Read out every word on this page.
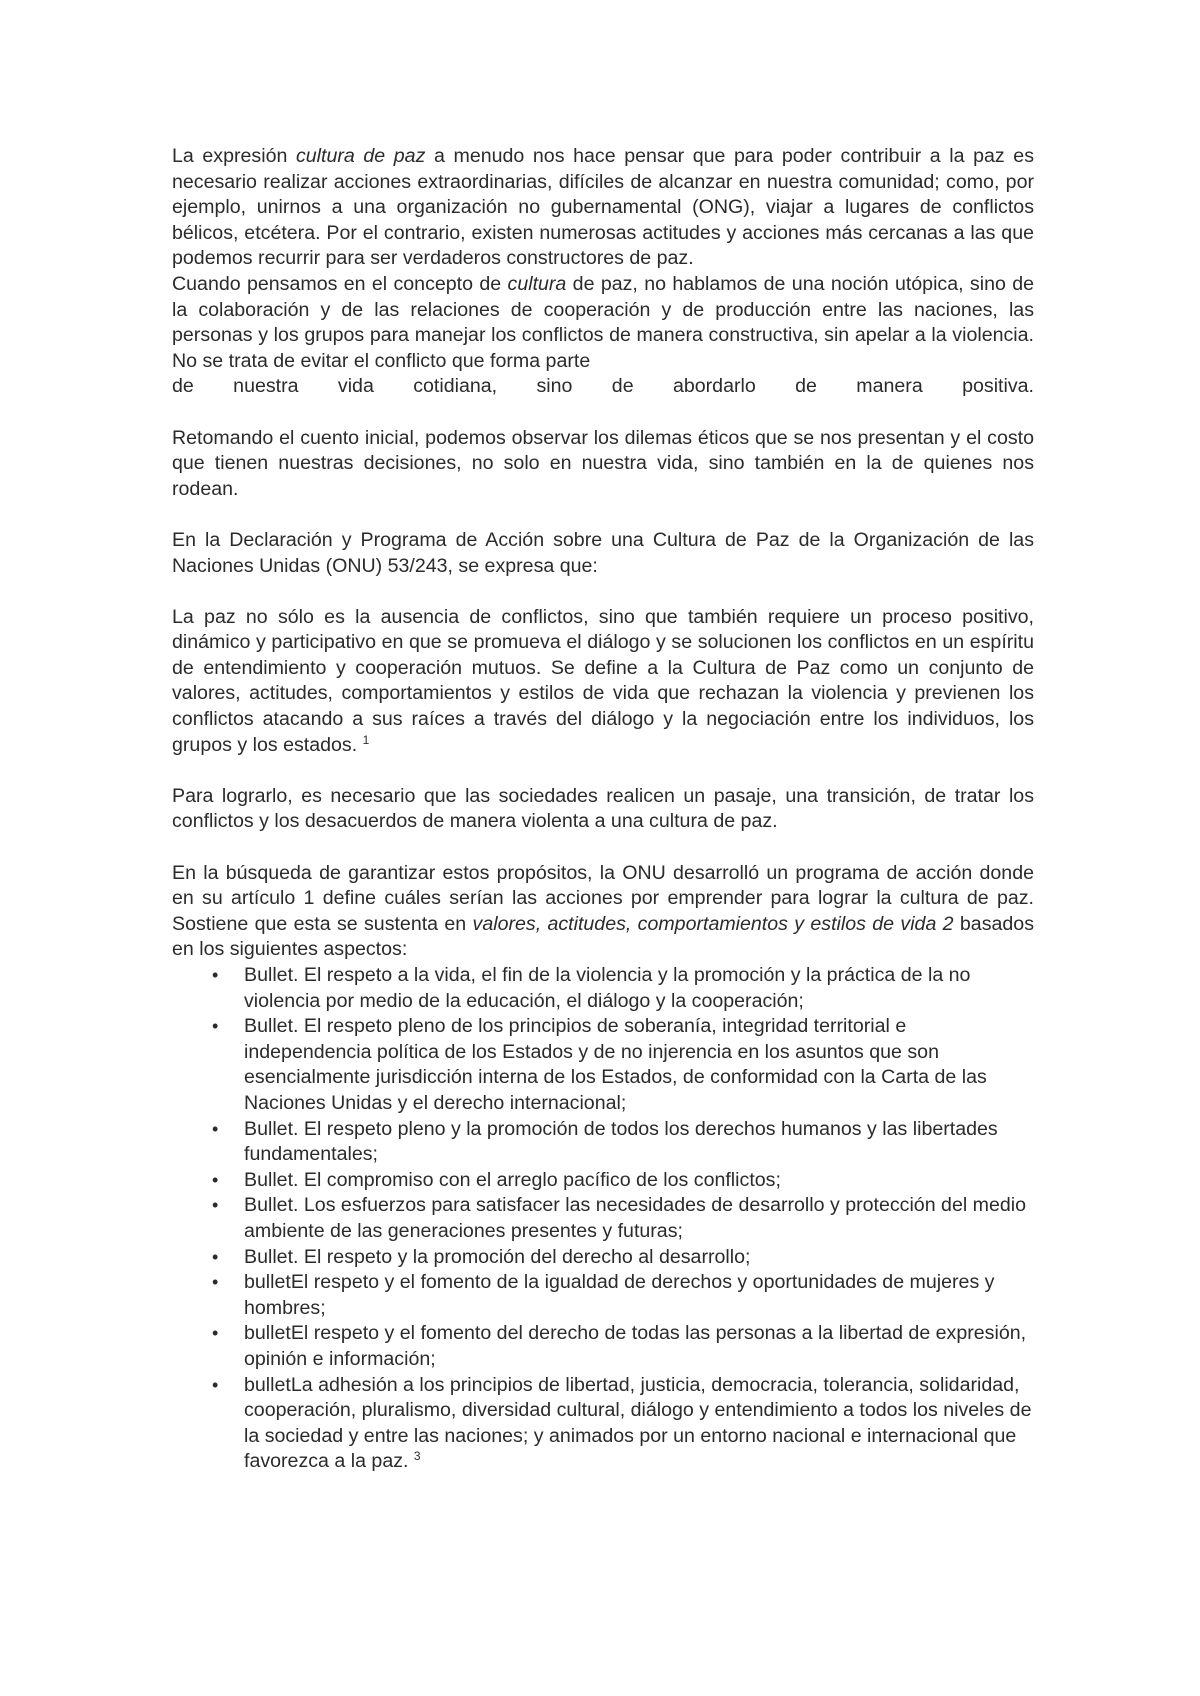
La expresión cultura de paz a menudo nos hace pensar que para poder contribuir a la paz es necesario realizar acciones extraordinarias, difíciles de alcanzar en nuestra comunidad; como, por ejemplo, unirnos a una organización no gubernamental (ONG), viajar a lugares de conflictos bélicos, etcétera. Por el contrario, existen numerosas actitudes y acciones más cercanas a las que podemos recurrir para ser verdaderos constructores de paz.

Cuando pensamos en el concepto de cultura de paz, no hablamos de una noción utópica, sino de la colaboración y de las relaciones de cooperación y de producción entre las naciones, las personas y los grupos para manejar los conflictos de manera constructiva, sin apelar a la violencia. No se trata de evitar el conflicto que forma parte

de nuestra vida cotidiana, sino de abordarlo de manera positiva.

Retomando el cuento inicial, podemos observar los dilemas éticos que se nos presentan y el costo que tienen nuestras decisiones, no solo en nuestra vida, sino también en la de quienes nos rodean.

En la Declaración y Programa de Acción sobre una Cultura de Paz de la Organización de las Naciones Unidas (ONU) 53/243, se expresa que:

La paz no sólo es la ausencia de conflictos, sino que también requiere un proceso positivo, dinámico y participativo en que se promueva el diálogo y se solucionen los conflictos en un espíritu de entendimiento y cooperación mutuos. Se define a la Cultura de Paz como un conjunto de valores, actitudes, comportamientos y estilos de vida que rechazan la violencia y previenen los conflictos atacando a sus raíces a través del diálogo y la negociación entre los individuos, los grupos y los estados. $^1$

Para lograrlo, es necesario que las sociedades realicen un pasaje, una transición, de tratar los conflictos y los desacuerdos de manera violenta a una cultura de paz.

En la búsqueda de garantizar estos propósitos, la ONU desarrolló un programa de acción donde en su artículo 1 define cuáles serían las acciones por emprender para lograr la cultura de paz. Sostiene que esta se sustenta en valores, actitudes, comportamientos y estilos de vida 2 basados en los siguientes aspectos:

• Bullet. El respeto a la vida, el fin de la violencia y la promoción y la práctica de la no violencia por medio de la educación, el diálogo y la cooperación;
• Bullet. El respeto pleno de los principios de soberanía, integridad territorial e independencia política de los Estados y de no injerencia en los asuntos que son esencialmente jurisdicción interna de los Estados, de conformidad con la Carta de las Naciones Unidas y el derecho internacional;
• Bullet. El respeto pleno y la promoción de todos los derechos humanos y las libertades fundamentales;
• Bullet. El compromiso con el arreglo pacífico de los conflictos;
• Bullet. Los esfuerzos para satisfacer las necesidades de desarrollo y protección del medio ambiente de las generaciones presentes y futuras;
• Bullet. El respeto y la promoción del derecho al desarrollo;
• bulletEl respeto y el fomento de la igualdad de derechos y oportunidades de mujeres y hombres;
• bulletEl respeto y el fomento del derecho de todas las personas a la libertad de expresión, opinión e información;
• bulletLa adhesión a los principios de libertad, justicia, democracia, tolerancia, solidaridad, cooperación, pluralismo, diversidad cultural, diálogo y entendimiento a todos los niveles de la sociedad y entre las naciones; y animados por un entorno nacional e internacional que favorezca a la paz. $^3$
